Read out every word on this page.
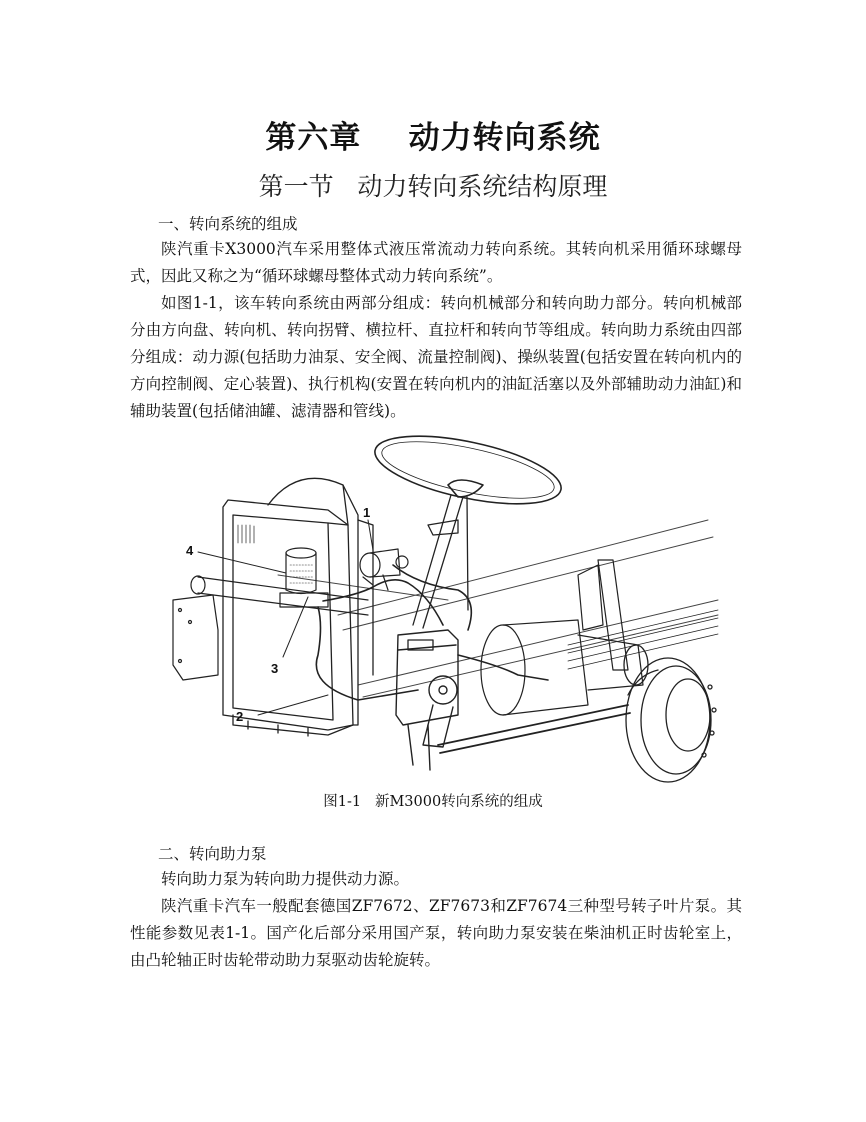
第六章    动力转向系统
第一节   动力转向系统结构原理
一、转向系统的组成
陕汽重卡X3000汽车采用整体式液压常流动力转向系统。其转向机采用循环球螺母式，因此又称之为“循环球螺母整体式动力转向系统”。
如图1-1，该车转向系统由两部分组成：转向机械部分和转向助力部分。转向机械部分由方向盘、转向机、转向拐臂、横拉杆、直拉杆和转向节等组成。转向助力系统由四部分组成：动力源(包括助力油泵、安全阀、流量控制阀)、操纵装置(包括安置在转向机内的方向控制阀、定心装置)、执行机构(安置在转向机内的油缸活塞以及外部辅助动力油缸)和辅助装置(包括储油罐、滤清器和管线)。
1
4
3
2
图1-1   新M3000转向系统的组成
二、转向助力泵
转向助力泵为转向助力提供动力源。
陕汽重卡汽车一般配套德国ZF7672、ZF7673和ZF7674三种型号转子叶片泵。其性能参数见表1-1。国产化后部分采用国产泵，转向助力泵安装在柴油机正时齿轮室上，由凸轮轴正时齿轮带动助力泵驱动齿轮旋转。
